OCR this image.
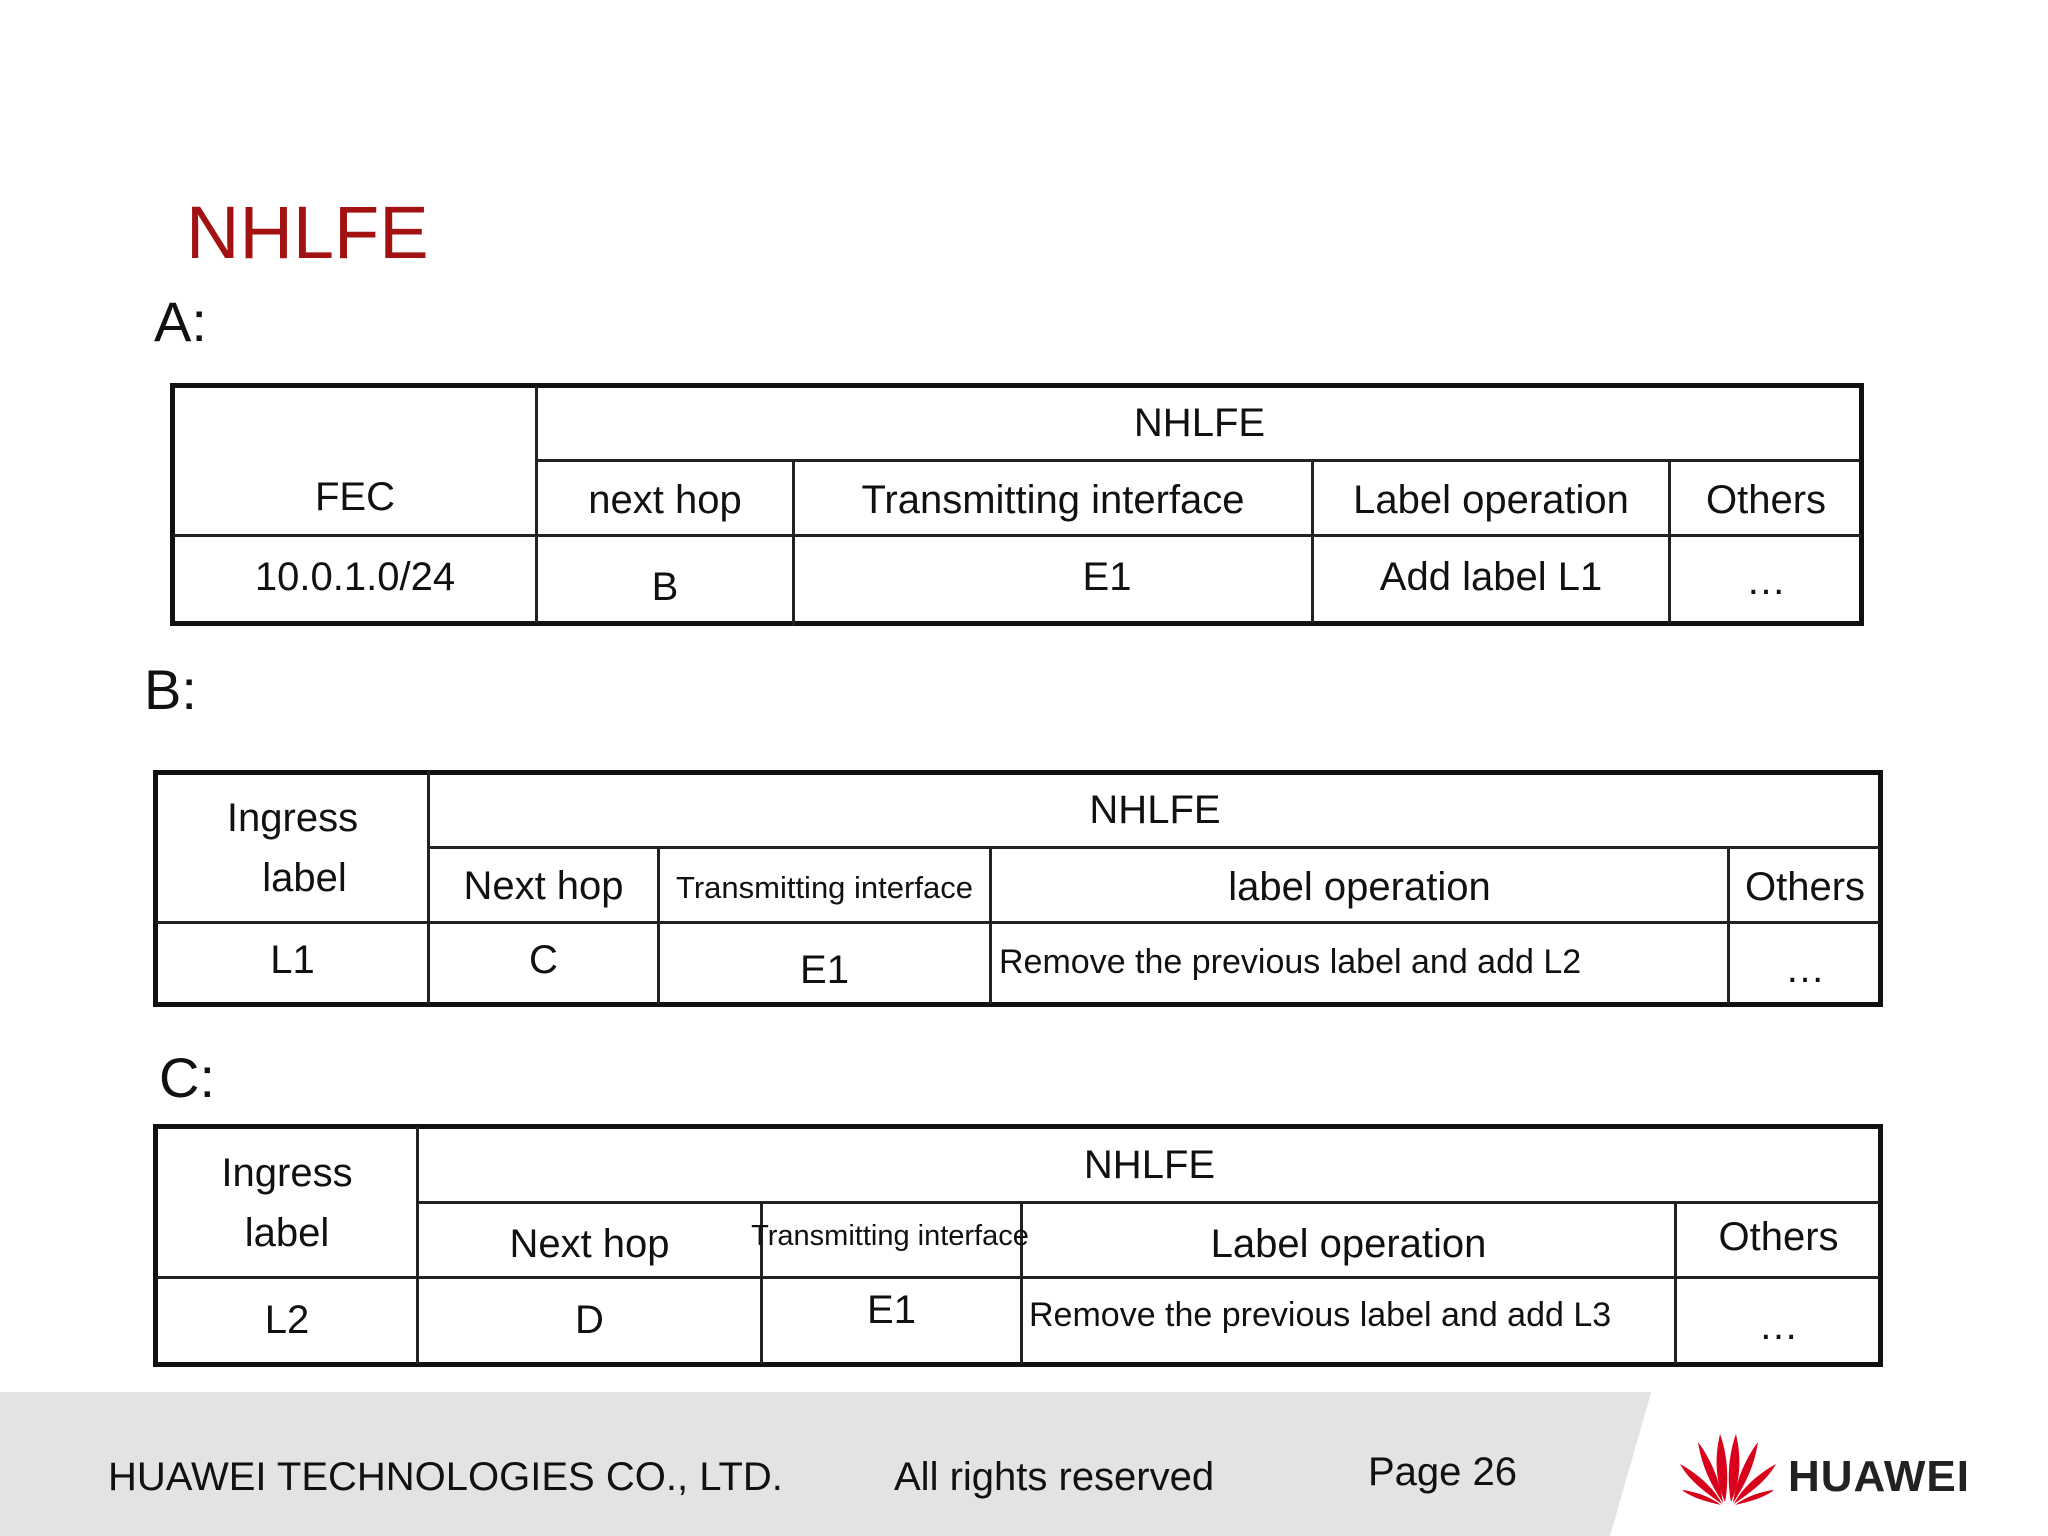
NHLFE
A:
FEC
NHLFE
next hop	Transmitting interface	Label operation	Others
10.0.1.0/24	B	E1	Add label L1	…
B:
Ingress
label
NHLFE
Next hop	Transmitting interface	label operation	Others
L1	C	E1	Remove the previous label and add L2	…
C:
Ingress
label
NHLFE
Next hop	Transmitting interface	Label operation	Others
L2	D	E1	Remove the previous label and add L3	…
HUAWEI TECHNOLOGIES CO., LTD.	All rights reserved	Page 26	HUAWEI
